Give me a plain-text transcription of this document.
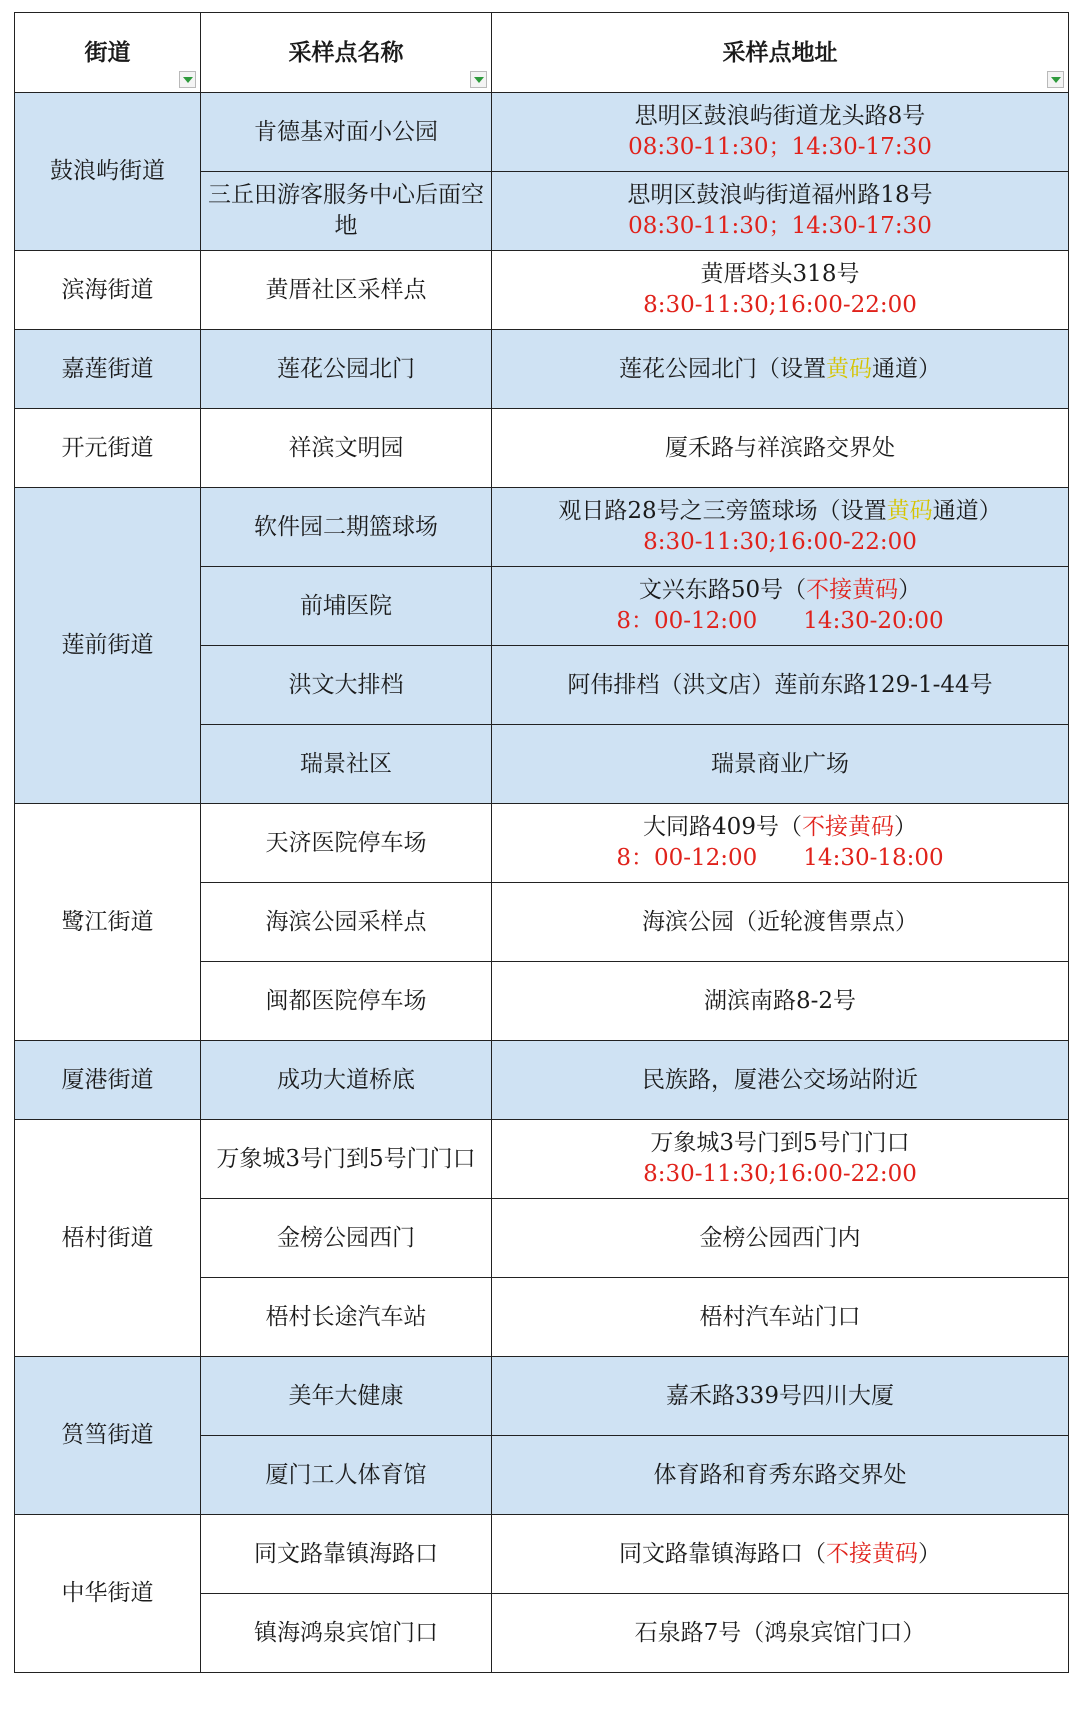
街道	采样点名称	采样点地址

鼓浪屿街道	肯德基对面小公园	思明区鼓浪屿街道龙头路8号
08:30-11:30；14:30-17:30

	三丘田游客服务中心后面空地	思明区鼓浪屿街道福州路18号
08:30-11:30；14:30-17:30

滨海街道	黄厝社区采样点	黄厝塔头318号
8:30-11:30;16:00-22:00

嘉莲街道	莲花公园北门	莲花公园北门（设置黄码通道）
开元街道	祥滨文明园	厦禾路与祥滨路交界处
莲前街道	软件园二期篮球场	观日路28号之三旁篮球场（设置黄码通道）
8:30-11:30;16:00-22:00

	前埔医院	文兴东路50号（不接黄码）
8：00-12:00　　14:30-20:00

	洪文大排档	阿伟排档（洪文店）莲前东路129-1-44号
	瑞景社区	瑞景商业广场
鹭江街道	天济医院停车场	大同路409号（不接黄码）
8：00-12:00　　14:30-18:00

	海滨公园采样点	海滨公园（近轮渡售票点）
	闽都医院停车场	湖滨南路8-2号
厦港街道	成功大道桥底	民族路，厦港公交场站附近
梧村街道	万象城3号门到5号门门口	万象城3号门到5号门门口
8:30-11:30;16:00-22:00

	金榜公园西门	金榜公园西门内
	梧村长途汽车站	梧村汽车站门口
筼筜街道	美年大健康	嘉禾路339号四川大厦
	厦门工人体育馆	体育路和育秀东路交界处
中华街道	同文路靠镇海路口	同文路靠镇海路口（不接黄码）
	镇海鸿泉宾馆门口	石泉路7号（鸿泉宾馆门口）
